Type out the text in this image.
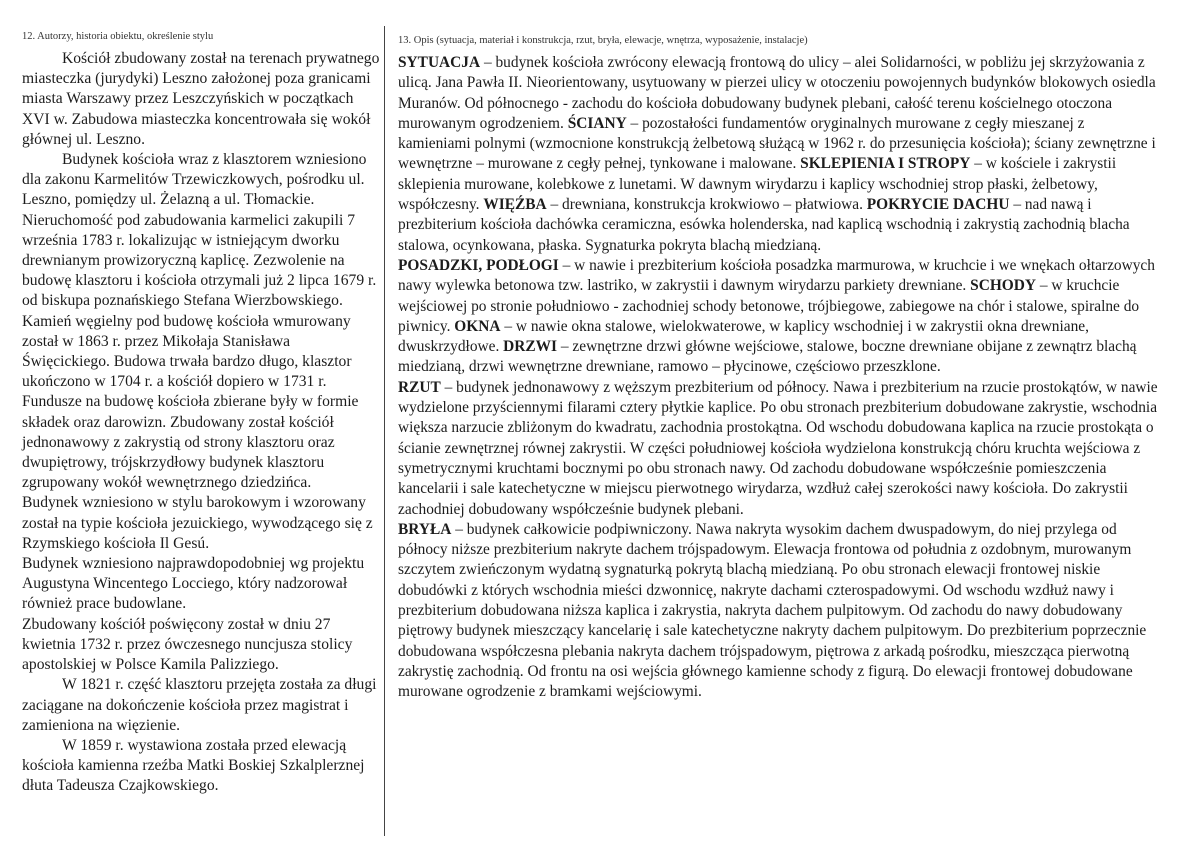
12. Autorzy, historia obiektu, określenie stylu

Kościół zbudowany został na terenach prywatnego miasteczka (jurydyki) Leszno założonej poza granicami miasta Warszawy przez Leszczyńskich w początkach XVI w. Zabudowa miasteczka koncentrowała się wokół głównej ul. Leszno.

Budynek kościoła wraz z klasztorem wzniesiono dla zakonu Karmelitów Trzewiczkowych, pośrodku ul. Leszno, pomiędzy ul. Żelazną a ul. Tłomackie. Nieruchomość pod zabudowania karmelici zakupili 7 września 1783 r. lokalizując w istniejącym dworku drewnianym prowizoryczną kaplicę. Zezwolenie na budowę klasztoru i kościoła otrzymali już 2 lipca 1679 r. od biskupa poznańskiego Stefana Wierzbowskiego. Kamień węgielny pod budowę kościoła wmurowany został w 1863 r. przez Mikołaja Stanisława Święcickiego. Budowa trwała bardzo długo, klasztor ukończono w 1704 r. a kościół dopiero w 1731 r. Fundusze na budowę kościoła zbierane były w formie składek oraz darowizn. Zbudowany został kościół jednonawowy z zakrystią od strony klasztoru oraz dwupiętrowy, trójskrzydłowy budynek klasztoru zgrupowany wokół wewnętrznego dziedzińca.

Budynek wzniesiono w stylu barokowym i wzorowany został na typie kościoła jezuickiego, wywodzącego się z Rzymskiego kościoła Il Gesú.

Budynek wzniesiono najprawdopodobniej wg projektu Augustyna Wincentego Locciego, który nadzorował również prace budowlane.

Zbudowany kościół poświęcony został w dniu 27 kwietnia 1732 r. przez ówczesnego nuncjusza stolicy apostolskiej w Polsce Kamila Palizziego.

W 1821 r. część klasztoru przejęta została za długi zaciągane na dokończenie kościoła przez magistrat i zamieniona na więzienie.

W 1859 r. wystawiona została przed elewacją kościoła kamienna rzeźba Matki Boskiej Szkalplerznej dłuta Tadeusza Czajkowskiego.

13. Opis (sytuacja, materiał i konstrukcja, rzut, bryła, elewacje, wnętrza, wyposażenie, instalacje)

SYTUACJA – budynek kościoła zwrócony elewacją frontową do ulicy – alei Solidarności, w pobliżu jej skrzyżowania z ulicą. Jana Pawła II. Nieorientowany, usytuowany w pierzei ulicy w otoczeniu powojennych budynków blokowych osiedla Muranów. Od północnego - zachodu do kościoła dobudowany budynek plebani, całość terenu kościelnego otoczona murowanym ogrodzeniem. ŚCIANY – pozostałości fundamentów oryginalnych murowane z cegły mieszanej z kamieniami polnymi (wzmocnione konstrukcją żelbetową służącą w 1962 r. do przesunięcia kościoła); ściany zewnętrzne i wewnętrzne – murowane z cegły pełnej, tynkowane i malowane. SKLEPIENIA I STROPY – w kościele i zakrystii sklepienia murowane, kolebkowe z lunetami. W dawnym wirydarzu i kaplicy wschodniej strop płaski, żelbetowy, współczesny. WIĘŹBA – drewniana, konstrukcja krokwiowo – płatwiowa. POKRYCIE DACHU – nad nawą i prezbiterium kościoła dachówka ceramiczna, esówka holenderska, nad kaplicą wschodnią i zakrystią zachodnią blacha stalowa, ocynkowana, płaska. Sygnaturka pokryta blachą miedzianą.

POSADZKI, PODŁOGI – w nawie i prezbiterium kościoła posadzka marmurowa, w kruchcie i we wnękach ołtarzowych nawy wylewka betonowa tzw. lastriko, w zakrystii i dawnym wirydarzu parkiety drewniane. SCHODY – w kruchcie wejściowej po stronie południowo - zachodniej schody betonowe, trójbiegowe, zabiegowe na chór i stalowe, spiralne do piwnicy. OKNA – w nawie okna stalowe, wielokwaterowe, w kaplicy wschodniej i w zakrystii okna drewniane, dwuskrzydłowe. DRZWI – zewnętrzne drzwi główne wejściowe, stalowe, boczne drewniane obijane z zewnątrz blachą miedzianą, drzwi wewnętrzne drewniane, ramowo – płycinowe, częściowo przeszklone.

RZUT – budynek jednonawowy z węższym prezbiterium od północy. Nawa i prezbiterium na rzucie prostokątów, w nawie wydzielone przyściennymi filarami cztery płytkie kaplice. Po obu stronach prezbiterium dobudowane zakrystie, wschodnia większa narzucie zbliżonym do kwadratu, zachodnia prostokątna. Od wschodu dobudowana kaplica na rzucie prostokąta o ścianie zewnętrznej równej zakrystii. W części południowej kościoła wydzielona konstrukcją chóru kruchta wejściowa z symetrycznymi kruchtami bocznymi po obu stronach nawy. Od zachodu dobudowane współcześnie pomieszczenia kancelarii i sale katechetyczne w miejscu pierwotnego wirydarza, wzdłuż całej szerokości nawy kościoła. Do zakrystii zachodniej dobudowany współcześnie budynek plebani.

BRYŁA – budynek całkowicie podpiwniczony. Nawa nakryta wysokim dachem dwuspadowym, do niej przylega od północy niższe prezbiterium nakryte dachem trójspadowym. Elewacja frontowa od południa z ozdobnym, murowanym szczytem zwieńczonym wydatną sygnaturką pokrytą blachą miedzianą. Po obu stronach elewacji frontowej niskie dobudówki z których wschodnia mieści dzwonnicę, nakryte dachami czterospadowymi. Od wschodu wzdłuż nawy i prezbiterium dobudowana niższa kaplica i zakrystia, nakryta dachem pulpitowym. Od zachodu do nawy dobudowany piętrowy budynek mieszczący kancelarię i sale katechetyczne nakryty dachem pulpitowym. Do prezbiterium poprzecznie dobudowana współczesna plebania nakryta dachem trójspadowym, piętrowa z arkadą pośrodku, mieszcząca pierwotną zakrystię zachodnią. Od frontu na osi wejścia głównego kamienne schody z figurą. Do elewacji frontowej dobudowane murowane ogrodzenie z bramkami wejściowymi.
